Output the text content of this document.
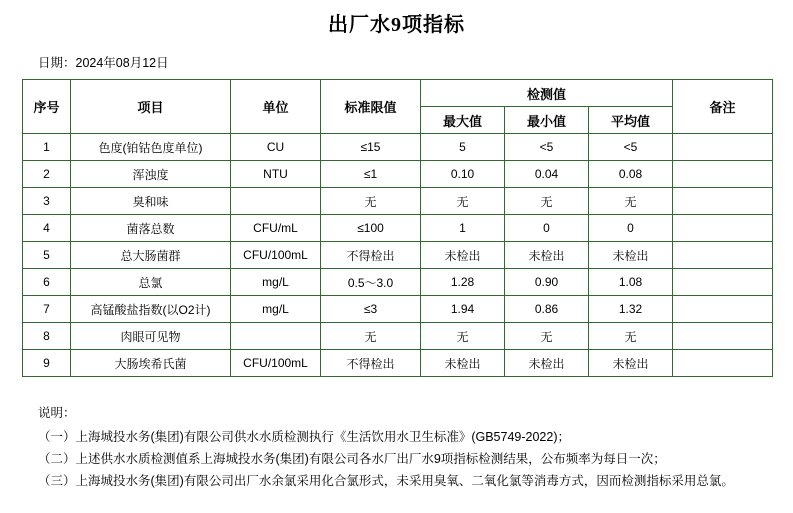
出厂水9项指标
日期：2024年08月12日
序号	项目	单位	标准限值	检测值			备注
				最大值	最小值	平均值	
1	色度(铂钴色度单位)	CU	≤15	5	<5	<5	
2	浑浊度	NTU	≤1	0.10	0.04	0.08	
3	臭和味		无	无	无	无	
4	菌落总数	CFU/mL	≤100	1	0	0	
5	总大肠菌群	CFU/100mL	不得检出	未检出	未检出	未检出	
6	总氯	mg/L	0.5～3.0	1.28	0.90	1.08	
7	高锰酸盐指数(以O2计)	mg/L	≤3	1.94	0.86	1.32	
8	肉眼可见物		无	无	无	无	
9	大肠埃希氏菌	CFU/100mL	不得检出	未检出	未检出	未检出	
说明：
（一）上海城投水务(集团)有限公司供水水质检测执行《生活饮用水卫生标准》(GB5749-2022)；
（二）上述供水水质检测值系上海城投水务(集团)有限公司各水厂出厂水9项指标检测结果，公布频率为每日一次；
（三）上海城投水务(集团)有限公司出厂水余氯采用化合氯形式，未采用臭氧、二氧化氯等消毒方式，因而检测指标采用总氯。
